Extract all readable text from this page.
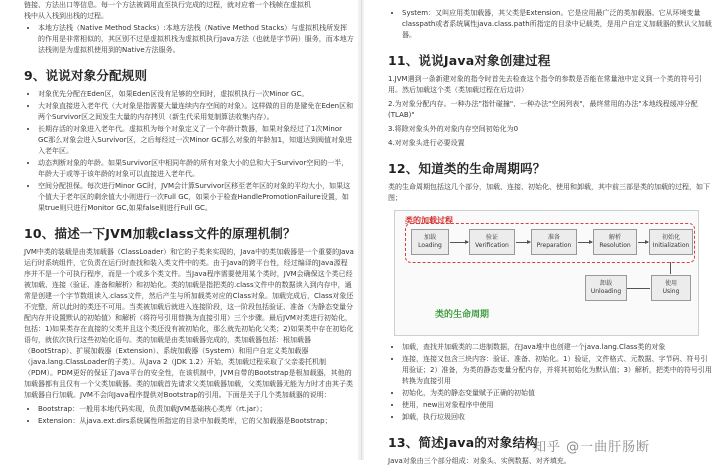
链接、方法出口等信息。每一个方法被调用直至执行完成的过程，就对应着一个栈帧在虚拟机

栈中从入栈到出栈的过程。

• 本地方法栈（Native Method Stacks）:本地方法栈（Native Method Stacks）与虚拟机栈所发挥的作用是非常相似的，其区别不过是虚拟机栈为虚拟机执行Java方法（也就是字节码）服务，而本地方法栈则是为虚拟机使用到的Native方法服务。
9、说说对象分配规则
• 对象优先分配在Eden区，如果Eden区没有足够的空间时，虚拟机执行一次Minor GC。
• 大对象直接进入老年代（大对象是指需要大量连续内存空间的对象）。这样做的目的是避免在Eden区和两个Survivor区之间发生大量的内存拷贝（新生代采用复制算法收集内存）。
• 长期存活的对象进入老年代。虚拟机为每个对象定义了一个年龄计数器，如果对象经过了1次Minor GC那么对象会进入Survivor区，之后每经过一次Minor GC那么对象的年龄加1，知道达到阀值对象进入老年区。
• 动态判断对象的年龄。如果Survivor区中相同年龄的所有对象大小的总和大于Survivor空间的一半，年龄大于或等于该年龄的对象可以直接进入老年代。
• 空间分配担保。每次进行Minor GC时，JVM会计算Survivor区移至老年区的对象的平均大小，如果这个值大于老年区的剩余值大小则进行一次Full GC，如果小于检查HandlePromotionFailure设置，如果true则只进行Monitor GC,如果false则进行Full GC。
10、描述一下JVM加载class文件的原理机制？

JVM中类的装载是由类加载器（ClassLoader）和它的子类来实现的，Java中的类加载器是一个重要的Java运行时系统组件，它负责在运行时查找和装入类文件中的类。由于Java的跨平台性，经过编译的Java源程序并不是一个可执行程序，而是一个或多个类文件。当Java程序需要使用某个类时，JVM会确保这个类已经被加载、连接（验证、准备和解析）和初始化。类的加载是指把类的.class文件中的数据读入到内存中，通常是创建一个字节数组读入.class文件，然后产生与所加载类对应的Class对象。加载完成后，Class对象还不完整，所以此时的类还不可用。当类被加载后就进入连接阶段，这一阶段包括验证、准备（为静态变量分配内存并设置默认的初始值）和解析（将符号引用替换为直接引用）三个步骤。最后JVM对类进行初始化，包括：1)如果类存在直接的父类并且这个类还没有被初始化，那么就先初始化父类；2)如果类中存在初始化语句，就依次执行这些初始化语句。类的加载是由类加载器完成的，类加载器包括：根加载器（BootStrap）、扩展加载器（Extension）、系统加载器（System）和用户自定义类加载器（java.lang.ClassLoader的子类）。从Java 2（JDK 1.2）开始，类加载过程采取了父亲委托机制（PDM）。PDM更好的保证了Java平台的安全性，在该机制中，JVM自带的Bootstrap是根加载器，其他的加载器都有且仅有一个父类加载器。类的加载首先请求父类加载器加载，父类加载器无能为力时才由其子类加载器自行加载。JVM不会向Java程序提供对Bootstrap的引用。下面是关于几个类加载器的说明：

• Bootstrap：一般用本地代码实现，负责加载JVM基础核心类库（rt.jar）；
• Extension：从java.ext.dirs系统属性所指定的目录中加载类库，它的父加载器是Bootstrap；
• System：又叫应用类加载器，其父类是Extension。它是应用最广泛的类加载器。它从环境变量classpath或者系统属性java.class.path所指定的目录中记载类，是用户自定义加载器的默认父加载器。
11、说说Java对象创建过程

1.JVM遇到一条新建对象的指令时首先去检查这个指令的参数是否能在常量池中定义到一个类的符号引用。然后加载这个类（类加载过程在后边讲）

2.为对象分配内存。一种办法"指针碰撞"、一种办法"空闲列表"，最终常用的办法"本地线程缓冲分配(TLAB)"

3.将除对象头外的对象内存空间初始化为0

4.对对象头进行必要设置

12、知道类的生命周期吗？

类的生命周期包括这几个部分，加载、连接、初始化、使用和卸载，其中前三部是类的加载的过程，如下图；

类的加载过程
加载
Loading
验证
Verification
准备
Preparation
解析
Resolution
初始化
Initialization
使用
Using
卸载
Unloading
类的生命周期
• 加载，查找并加载类的二进制数据，在Java堆中也创建一个java.lang.Class类的对象
• 连接，连接又包含三块内容：验证、准备、初始化。1）验证，文件格式、元数据、字节码、符号引用验证；2）准备，为类的静态变量分配内存，并将其初始化为默认值；3）解析，把类中的符号引用转换为直接引用
• 初始化，为类的静态变量赋予正确的初始值
• 使用，new出对象程序中使用
• 卸载，执行垃圾回收
13、简述Java的对象结构

Java对象由三个部分组成：对象头、实例数据、对齐填充。

知乎 @一曲肝肠断
